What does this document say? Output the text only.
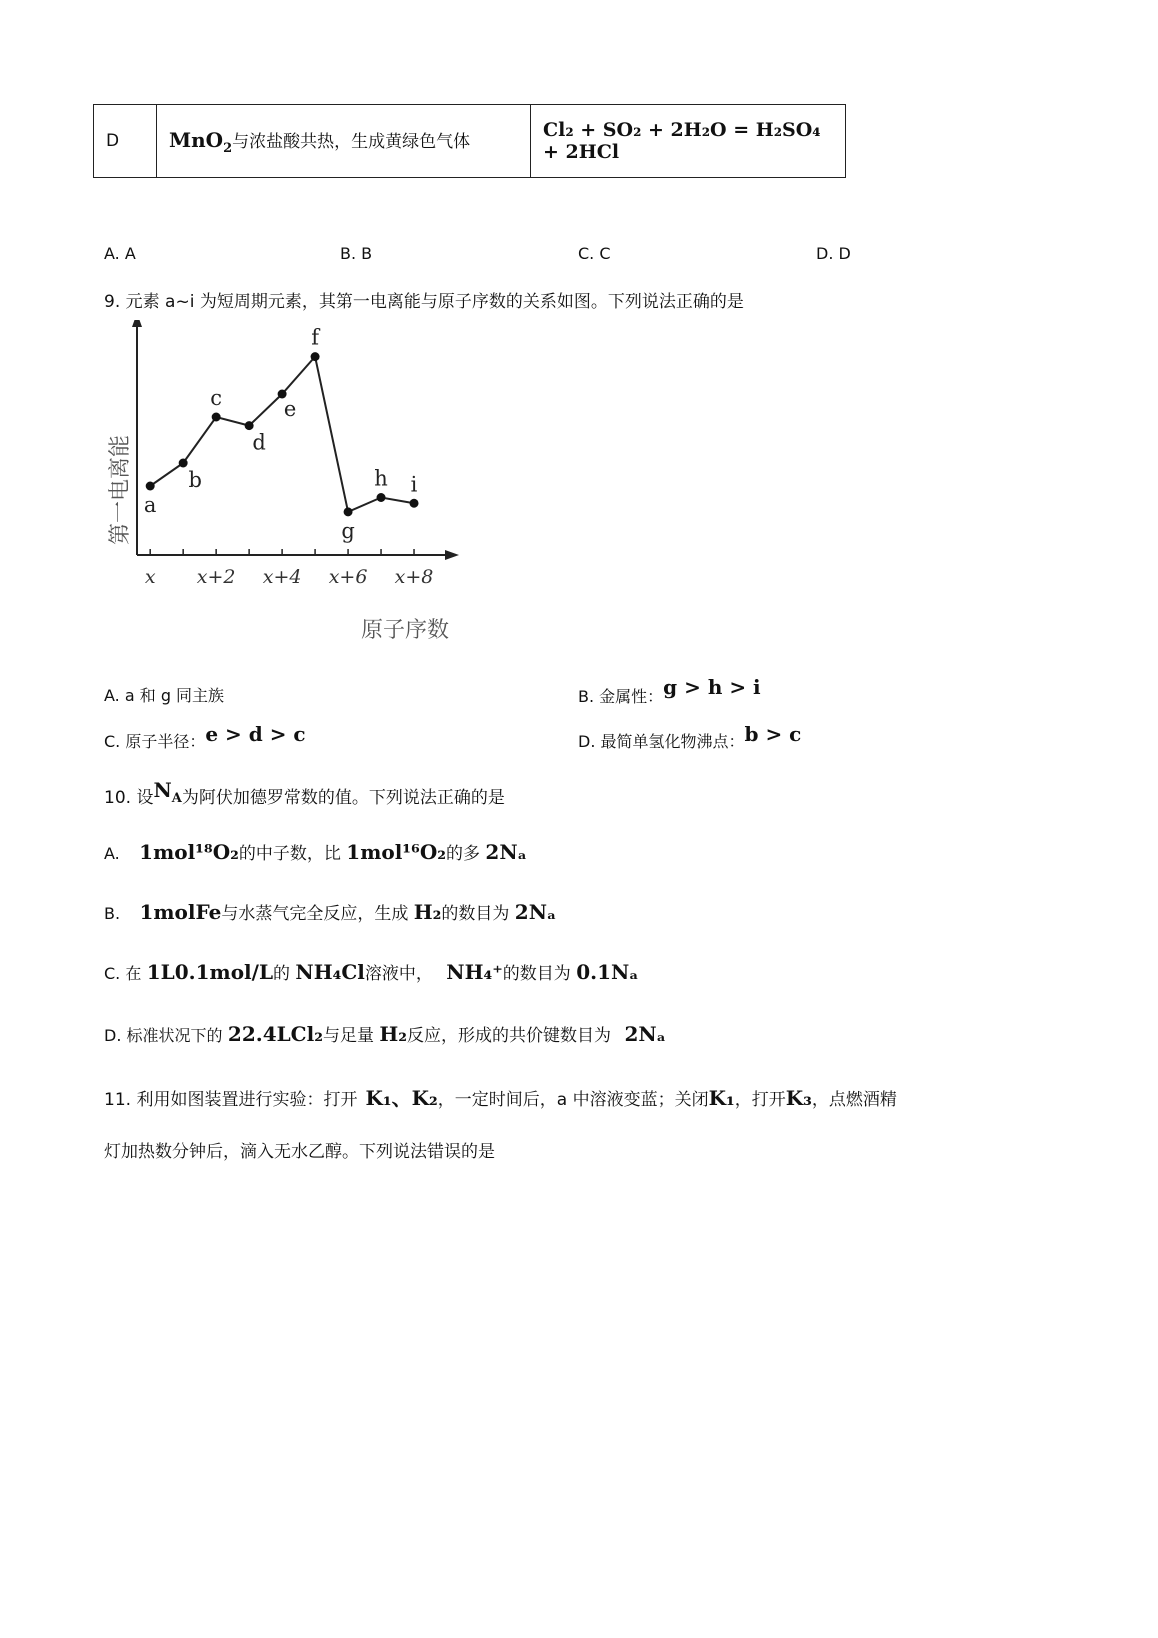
D	MnO$_2$与浓盐酸共热，生成黄绿色气体	Cl₂ + SO₂ + 2H₂O = H₂SO₄ + 2HCl
A. A	B. B	C. C	D. D
9. 元素 a~i 为短周期元素，其第一电离能与原子序数的关系如图。下列说法正确的是
a
b
c
d
e
f
g
h i
x x+2 x+4 x+6 x+8
第一电离能
原子序数
A. a 和 g 同主族	B. 金属性：g > h > i
C. 原子半径：e > d > c	D. 最简单氢化物沸点：b > c
10. 设$N_A$为阿伏加德罗常数的值。下列说法正确的是
A. 1mol¹⁸O₂的中子数，比 1mol¹⁶O₂的多 2Nₐ
B. 1molFe与水蒸气完全反应，生成 H₂的数目为 2Nₐ
C. 在 1L0.1mol/L的 NH₄Cl溶液中， NH₄⁺的数目为 0.1Nₐ
D. 标准状况下的 22.4LCl₂与足量 H₂反应，形成的共价键数目为 2Nₐ
11. 利用如图装置进行实验：打开 K₁、K₂，一定时间后，a 中溶液变蓝；关闭K₁，打开K₃，点燃酒精
灯加热数分钟后，滴入无水乙醇。下列说法错误的是
